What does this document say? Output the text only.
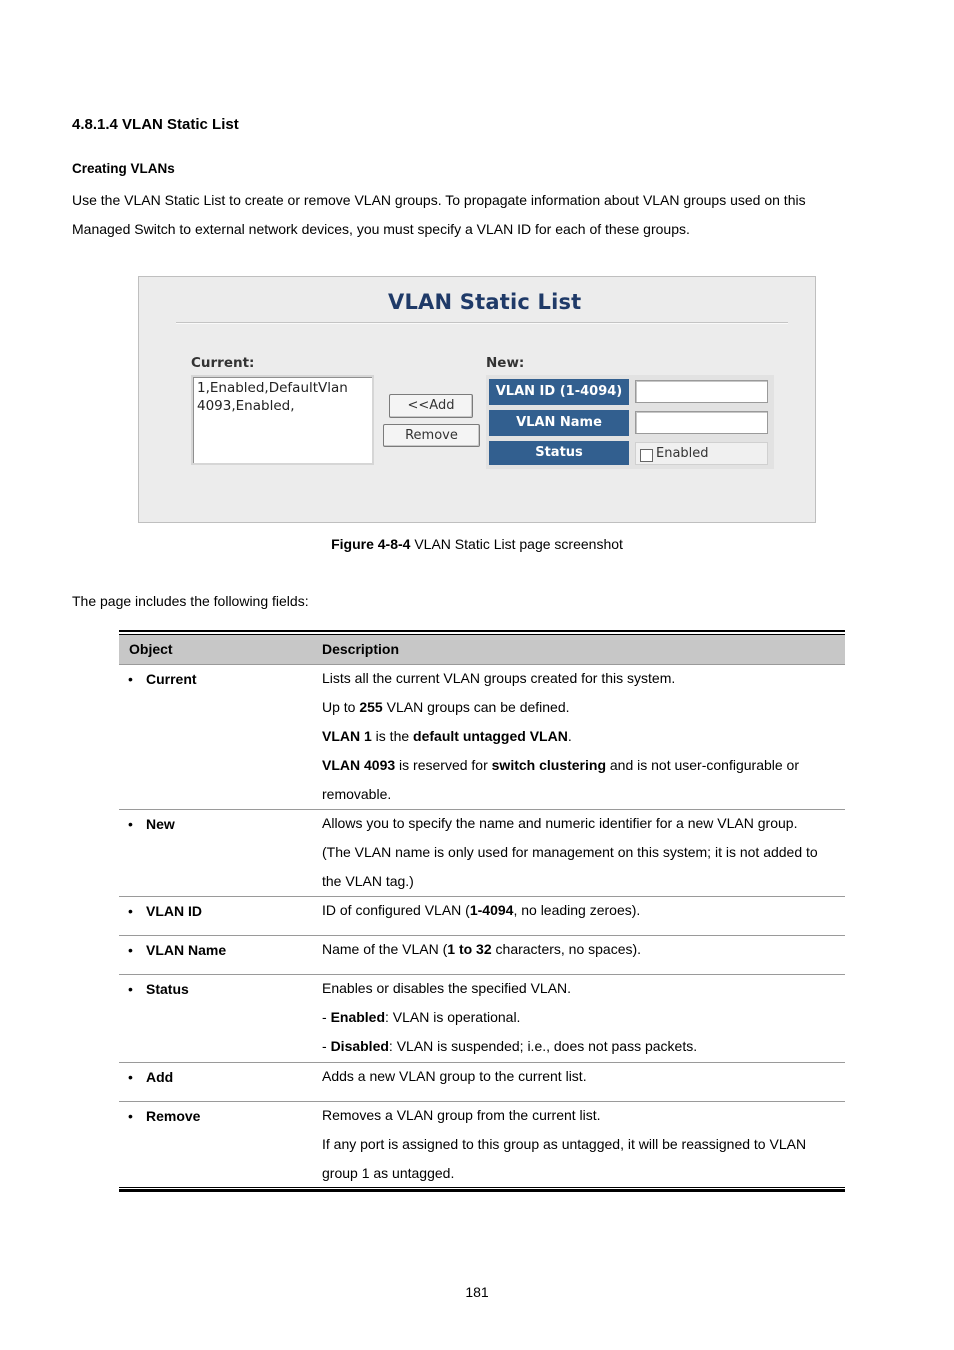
4.8.1.4 VLAN Static List
Creating VLANs
Use the VLAN Static List to create or remove VLAN groups. To propagate information about VLAN groups used on this Managed Switch to external network devices, you must specify a VLAN ID for each of these groups.
VLAN Static List
Current:
1,Enabled,DefaultVlan
4093,Enabled,	<<Add
Remove
New:
VLAN ID (1-4094)
VLAN Name
Status	Enabled
Figure 4-8-4 VLAN Static List page screenshot
The page includes the following fields:
Object	Description
• Current	Lists all the current VLAN groups created for this system.
Up to 255 VLAN groups can be defined.
VLAN 1 is the default untagged VLAN.
VLAN 4093 is reserved for switch clustering and is not user-configurable or
removable.
• New	Allows you to specify the name and numeric identifier for a new VLAN group.
(The VLAN name is only used for management on this system; it is not added to
the VLAN tag.)
• VLAN ID	ID of configured VLAN (1-4094, no leading zeroes).
• VLAN Name	Name of the VLAN (1 to 32 characters, no spaces).
• Status	Enables or disables the specified VLAN.
- Enabled: VLAN is operational.
- Disabled: VLAN is suspended; i.e., does not pass packets.
• Add	Adds a new VLAN group to the current list.
• Remove	Removes a VLAN group from the current list.
If any port is assigned to this group as untagged, it will be reassigned to VLAN
group 1 as untagged.
181
